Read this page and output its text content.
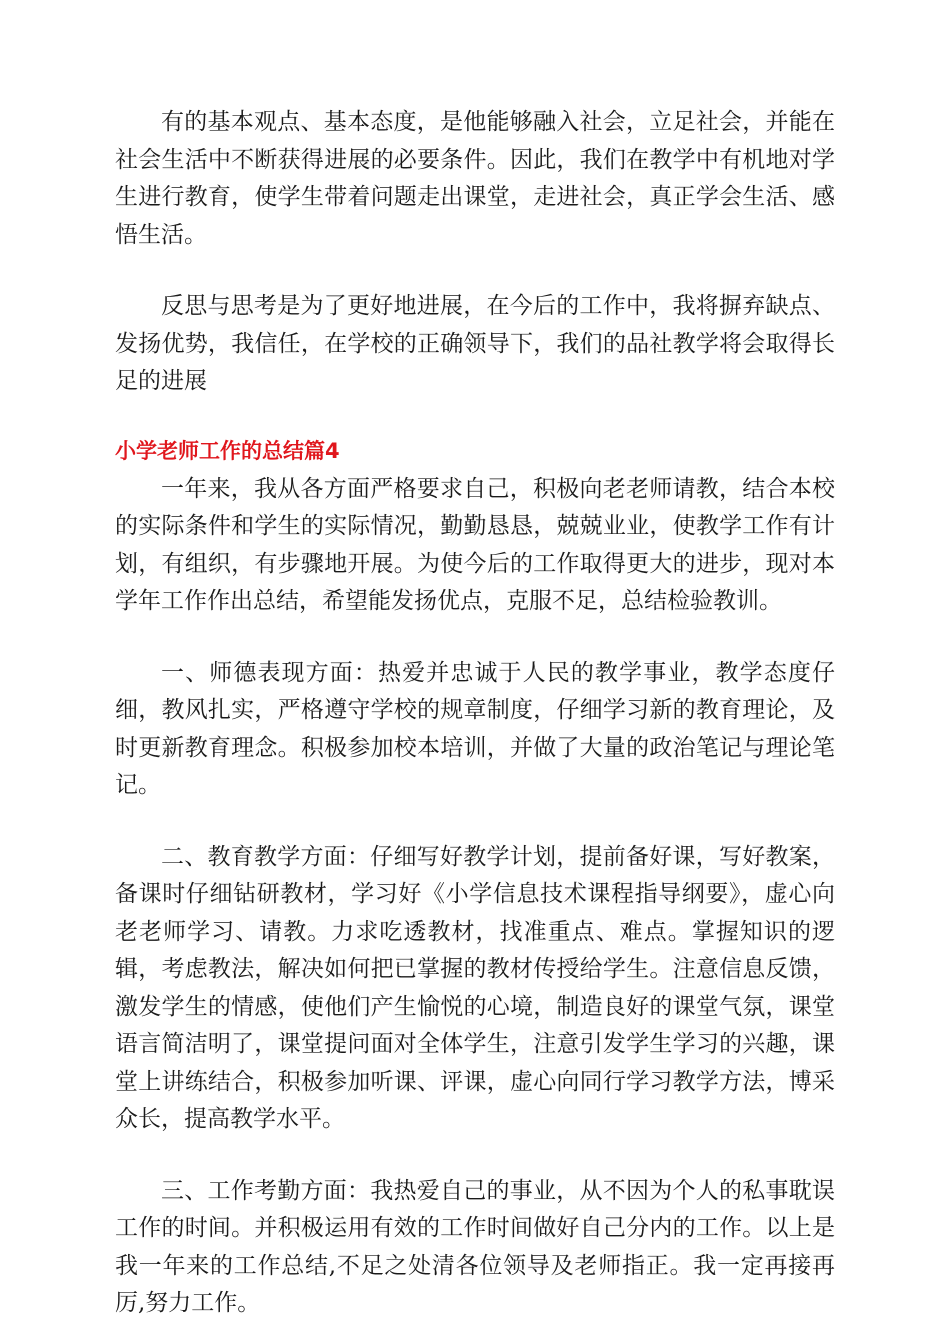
有的基本观点、基本态度，是他能够融入社会，立足社会，并能在社会生活中不断获得进展的必要条件。因此，我们在教学中有机地对学生进行教育，使学生带着问题走出课堂，走进社会，真正学会生活、感悟生活。

反思与思考是为了更好地进展，在今后的工作中，我将摒弃缺点、发扬优势，我信任，在学校的正确领导下，我们的品社教学将会取得长足的进展

小学老师工作的总结篇4

一年来，我从各方面严格要求自己，积极向老老师请教，结合本校的实际条件和学生的实际情况，勤勤恳恳，兢兢业业，使教学工作有计划，有组织，有步骤地开展。为使今后的工作取得更大的进步，现对本学年工作作出总结，希望能发扬优点，克服不足，总结检验教训。

一、师德表现方面：热爱并忠诚于人民的教学事业，教学态度仔细，教风扎实，严格遵守学校的规章制度，仔细学习新的教育理论，及时更新教育理念。积极参加校本培训，并做了大量的政治笔记与理论笔记。

二、教育教学方面：仔细写好教学计划，提前备好课，写好教案，备课时仔细钻研教材，学习好《小学信息技术课程指导纲要》，虚心向老老师学习、请教。力求吃透教材，找准重点、难点。掌握知识的逻辑，考虑教法，解决如何把已掌握的教材传授给学生。注意信息反馈，激发学生的情感，使他们产生愉悦的心境，制造良好的课堂气氛，课堂语言简洁明了，课堂提问面对全体学生，注意引发学生学习的兴趣，课堂上讲练结合，积极参加听课、评课，虚心向同行学习教学方法，博采众长，提高教学水平。

三、工作考勤方面：我热爱自己的事业，从不因为个人的私事耽误工作的时间。并积极运用有效的工作时间做好自己分内的工作。以上是我一年来的工作总结,不足之处清各位领导及老师指正。我一定再接再厉,努力工作。
